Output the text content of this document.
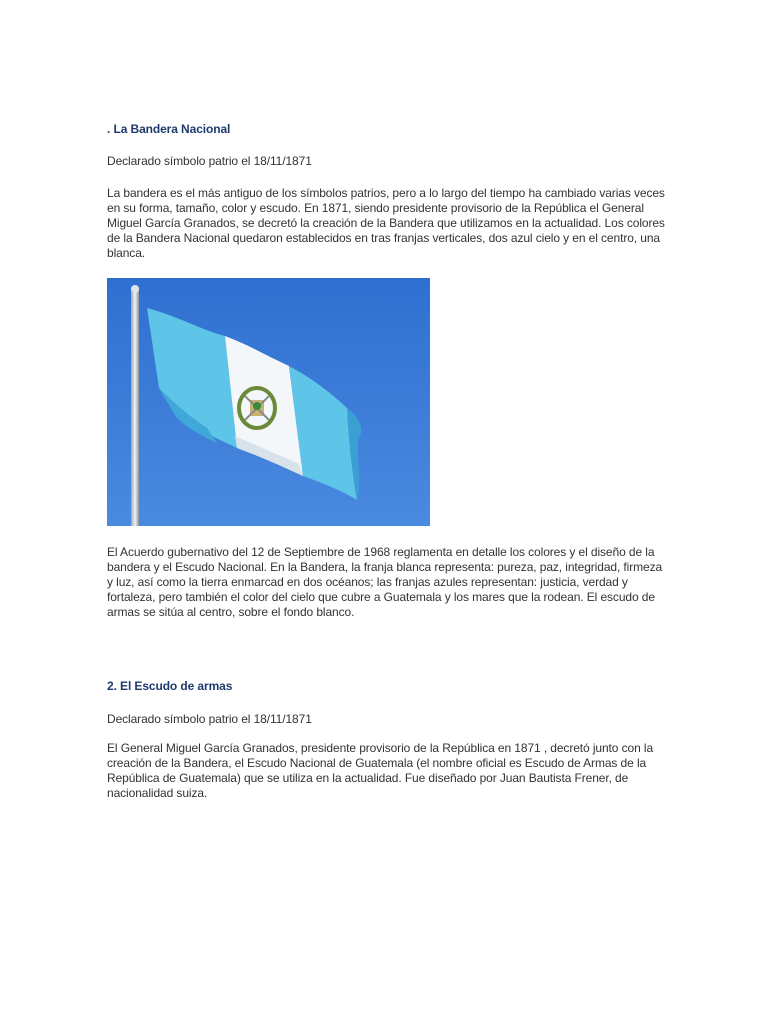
. La Bandera Nacional
Declarado símbolo patrio el 18/11/1871
La bandera es el más antiguo de los símbolos patrios, pero a lo largo del tiempo ha cambiado varias veces en su forma, tamaño, color y escudo. En 1871, siendo presidente provisorio de la República el General Miguel García Granados, se decretó la creación de la Bandera que utilizamos en la actualidad. Los colores de la Bandera Nacional quedaron establecidos en tras franjas verticales, dos azul cielo y en el centro, una blanca.
El Acuerdo gubernativo del 12 de Septiembre de 1968 reglamenta en detalle los colores y el diseño de la bandera y el Escudo Nacional. En la Bandera, la franja blanca representa: pureza, paz, integridad, firmeza y luz, así como la tierra enmarcad en dos océanos; las franjas azules representan: justicia, verdad y fortaleza, pero también el color del cielo que cubre a Guatemala y los mares que la rodean. El escudo de armas se sitúa al centro, sobre el fondo blanco.
2. El Escudo de armas
Declarado símbolo patrio el 18/11/1871
El General Miguel García Granados, presidente provisorio de la República en 1871 , decretó junto con la creación de la Bandera, el Escudo Nacional de Guatemala (el nombre oficial es Escudo de Armas de la República de Guatemala) que se utiliza en la actualidad. Fue diseñado por Juan Bautista Frener, de nacionalidad suiza.
